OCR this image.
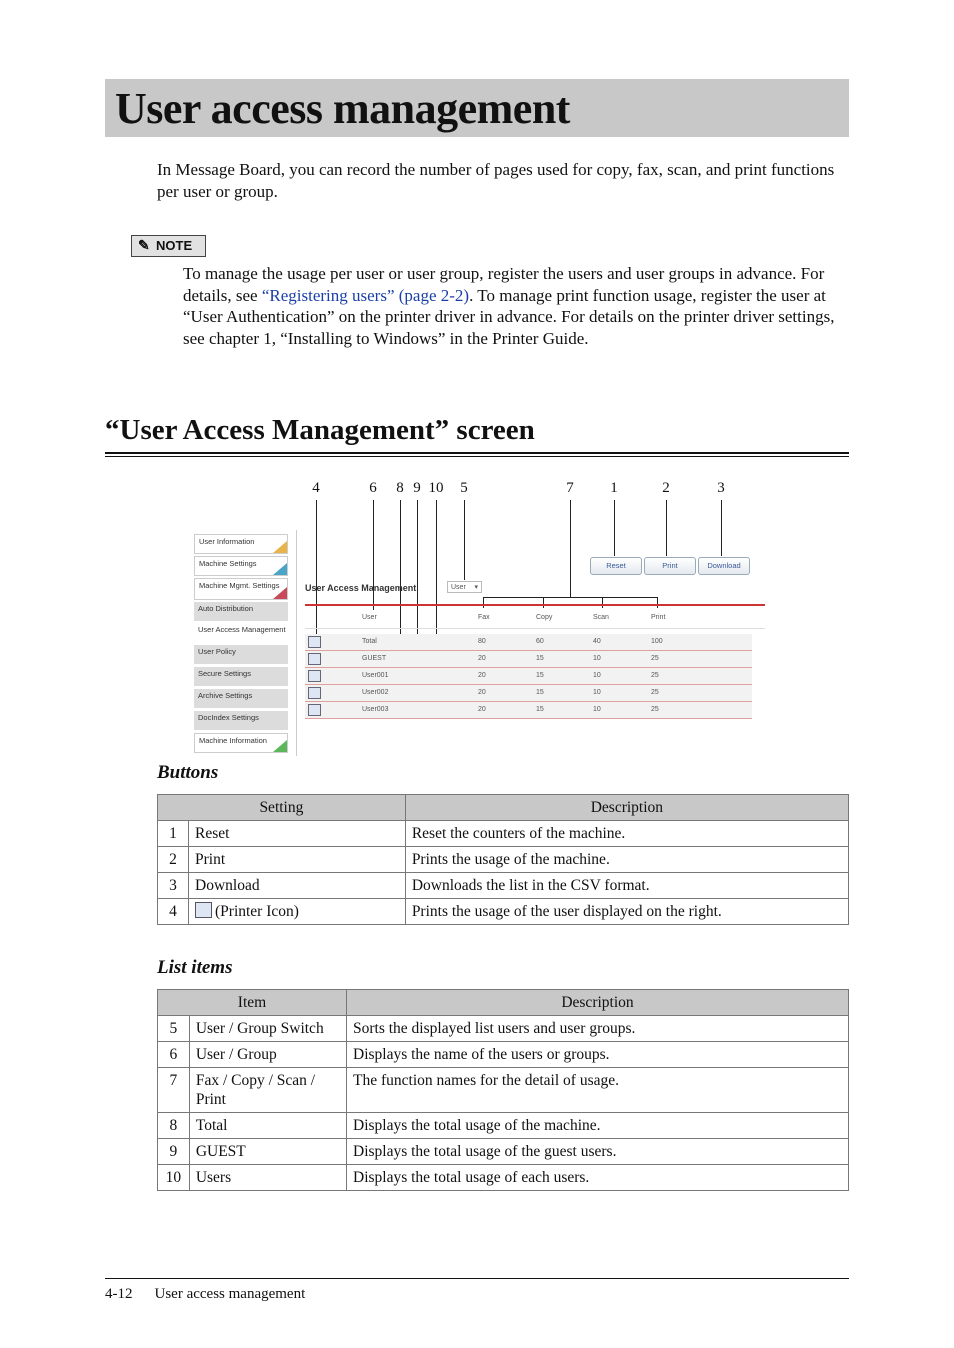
User access management
In Message Board, you can record the number of pages used for copy, fax, scan, and print functions per user or group.
✎ NOTE
To manage the usage per user or user group, register the users and user groups in advance. For details, see “Registering users” (page 2-2). To manage print function usage, register the user at “User Authentication” on the printer driver in advance. For details on the printer driver settings, see chapter 1, “Installing to Windows” in the Printer Guide.
“User Access Management” screen
4	6	8 9 10	5	7	1	2	3
User Information
Machine Settings
Machine Mgmt. Settings
Auto Distribution
User Access Management
User Policy
Secure Settings
Archive Settings
DocIndex Settings
Machine Information
Reset	Print	Download
User Access Management	User ▾
User	Fax	Copy	Scan	Print
Total	80	60	40	100
GUEST	20	15	10	25
User001	20	15	10	25
User002	20	15	10	25
User003	20	15	10	25
Buttons
Setting		Description
1	Reset	Reset the counters of the machine.
2	Print	Prints the usage of the machine.
3	Download	Downloads the list in the CSV format.
4	(Printer Icon)	Prints the usage of the user displayed on the right.
List items
Item		Description
5	User / Group Switch	Sorts the displayed list users and user groups.
6	User / Group	Displays the name of the users or groups.
7	Fax / Copy / Scan / Print	The function names for the detail of usage.
8	Total	Displays the total usage of the machine.
9	GUEST	Displays the total usage of the guest users.
10	Users	Displays the total usage of each users.
4-12 User access management
